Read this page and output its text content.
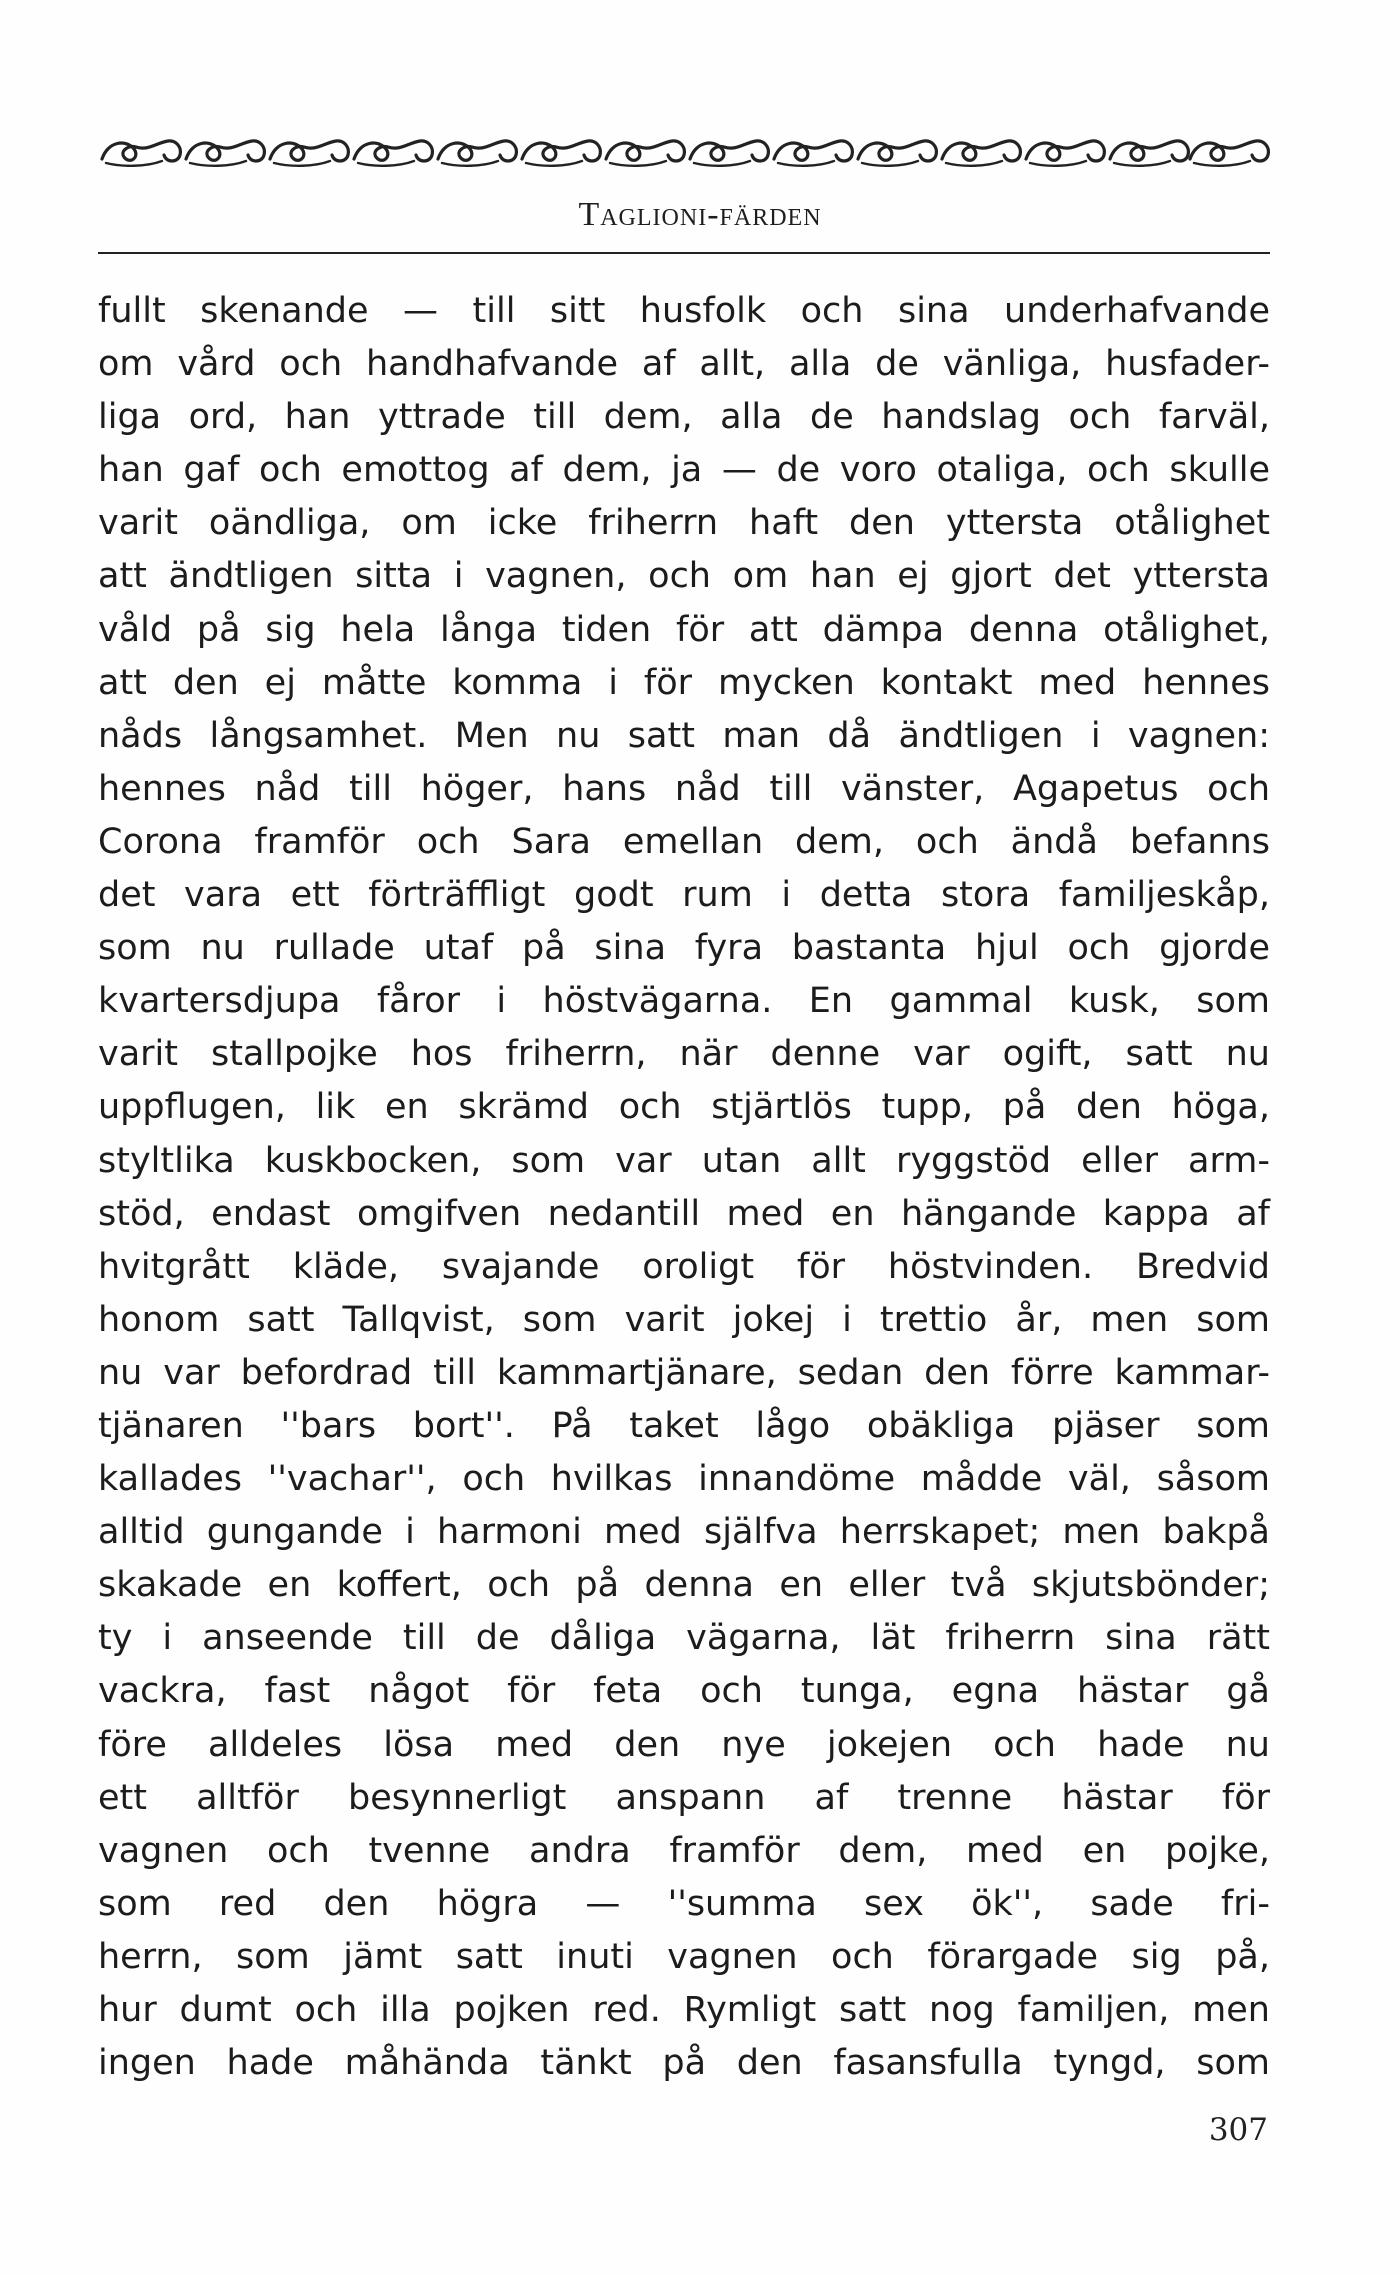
Taglioni-färden
fullt skenande — till sitt husfolk och sina underhafvande
om vård och handhafvande af allt, alla de vänliga, husfader-
liga ord, han yttrade till dem, alla de handslag och farväl,
han gaf och emottog af dem, ja — de voro otaliga, och skulle
varit oändliga, om icke friherrn haft den yttersta otålighet
att ändtligen sitta i vagnen, och om han ej gjort det yttersta
våld på sig hela långa tiden för att dämpa denna otålighet,
att den ej måtte komma i för mycken kontakt med hennes
nåds långsamhet. Men nu satt man då ändtligen i vagnen:
hennes nåd till höger, hans nåd till vänster, Agapetus och
Corona framför och Sara emellan dem, och ändå befanns
det vara ett förträffligt godt rum i detta stora familjeskåp,
som nu rullade utaf på sina fyra bastanta hjul och gjorde
kvartersdjupa fåror i höstvägarna. En gammal kusk, som
varit stallpojke hos friherrn, när denne var ogift, satt nu
uppflugen, lik en skrämd och stjärtlös tupp, på den höga,
styltlika kuskbocken, som var utan allt ryggstöd eller arm-
stöd, endast omgifven nedantill med en hängande kappa af
hvitgrått kläde, svajande oroligt för höstvinden. Bredvid
honom satt Tallqvist, som varit jokej i trettio år, men som
nu var befordrad till kammartjänare, sedan den förre kammar-
tjänaren ''bars bort''. På taket lågo obäkliga pjäser som
kallades ''vachar'', och hvilkas innandöme mådde väl, såsom
alltid gungande i harmoni med själfva herrskapet; men bakpå
skakade en koffert, och på denna en eller två skjutsbönder;
ty i anseende till de dåliga vägarna, lät friherrn sina rätt
vackra, fast något för feta och tunga, egna hästar gå
före alldeles lösa med den nye jokejen och hade nu
ett alltför besynnerligt anspann af trenne hästar för
vagnen och tvenne andra framför dem, med en pojke,
som red den högra — ''summa sex ök'', sade fri-
herrn, som jämt satt inuti vagnen och förargade sig på,
hur dumt och illa pojken red. Rymligt satt nog familjen, men
ingen hade måhända tänkt på den fasansfulla tyngd, som
307
